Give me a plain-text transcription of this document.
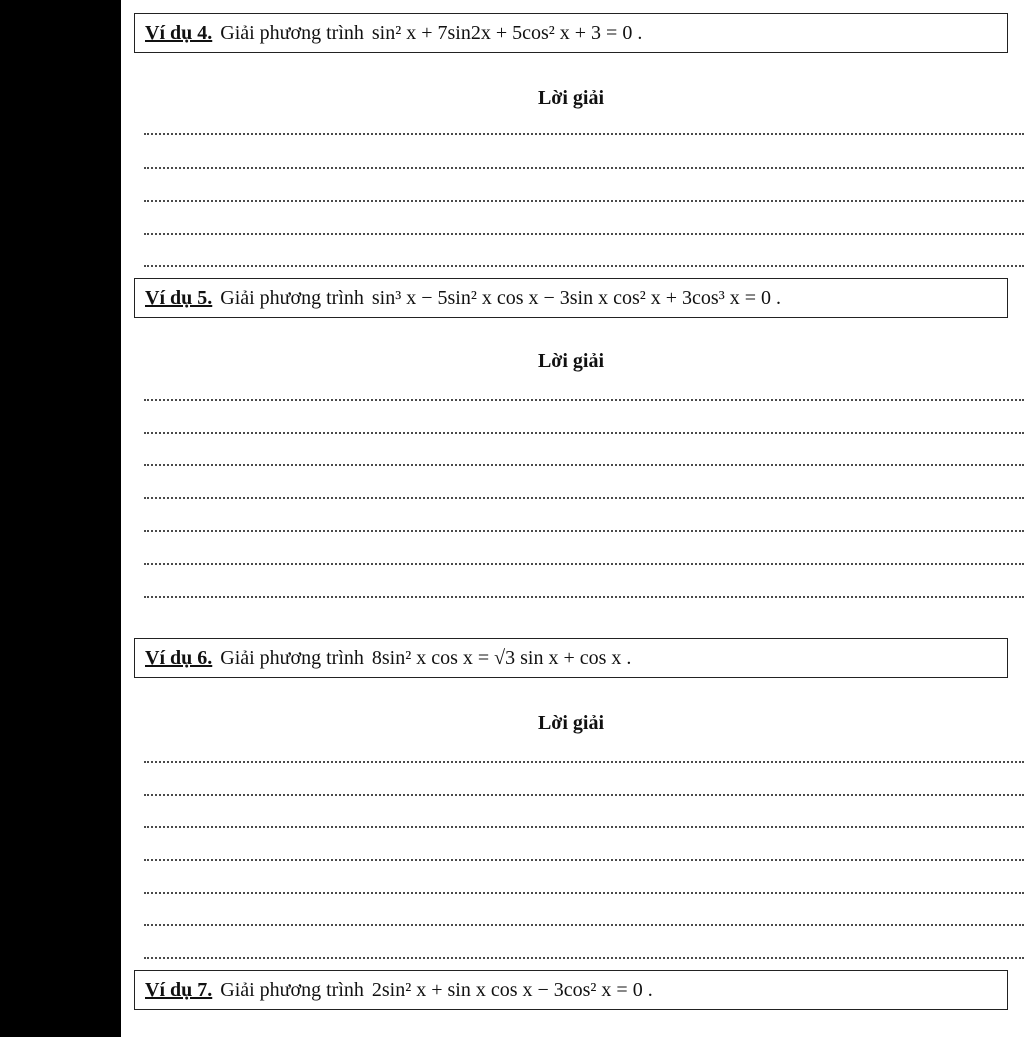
Ví dụ 4. Giải phương trình sin² x + 7sin2x + 5cos² x + 3 = 0 .
Lời giải
Ví dụ 5. Giải phương trình sin³ x − 5sin² x cos x − 3sin x cos² x + 3cos³ x = 0 .
Lời giải
Ví dụ 6. Giải phương trình 8sin² x cos x = √3 sin x + cos x .
Lời giải
Ví dụ 7. Giải phương trình 2sin² x + sin x cos x − 3cos² x = 0 .
